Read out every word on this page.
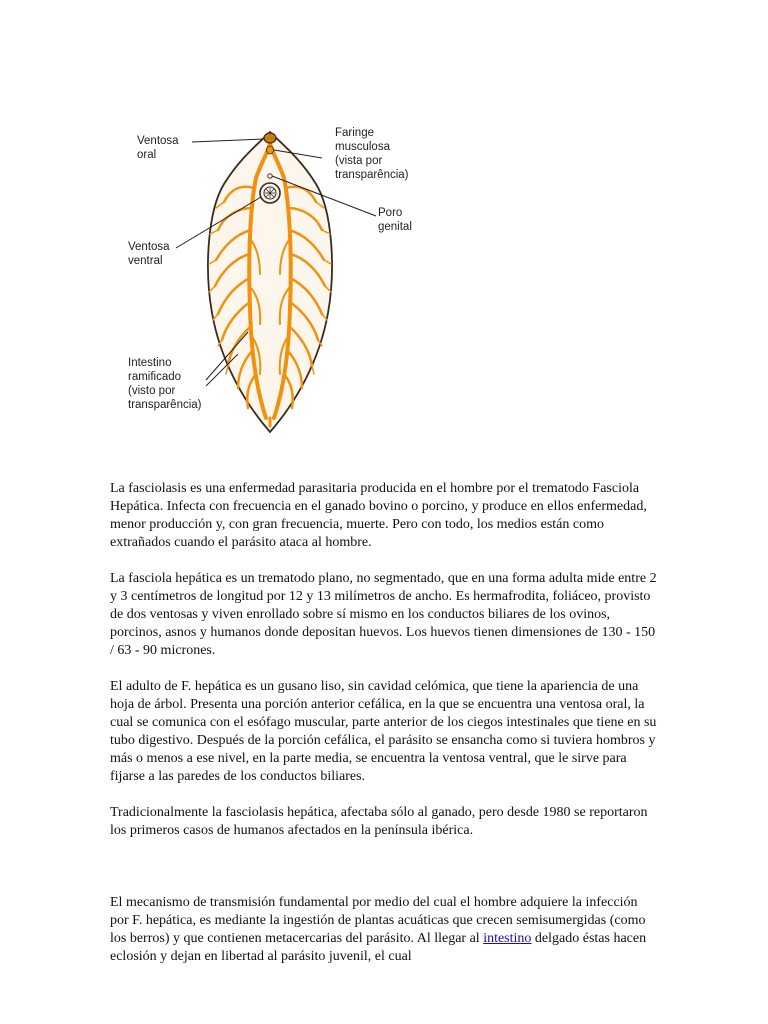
Ventosa
oral
Faringe
musculosa
(vista por
transparência)
Poro
genital
Ventosa
ventral
Intestino
ramificado
(visto por
transparência)

La fasciolasis es una enfermedad parasitaria producida en el hombre por el trematodo Fasciola Hepática. Infecta con frecuencia en el ganado bovino o porcino, y produce en ellos enfermedad, menor producción y, con gran frecuencia, muerte. Pero con todo, los medios están como extrañados cuando el parásito ataca al hombre.

La fasciola hepática es un trematodo plano, no segmentado, que en una forma adulta mide entre 2 y 3 centímetros de longitud por 12 y 13 milímetros de ancho. Es hermafrodita, foliáceo, provisto de dos ventosas y viven enrollado sobre sí mismo en los conductos biliares de los ovinos, porcinos, asnos y humanos donde depositan huevos. Los huevos tienen dimensiones de 130 - 150 / 63 - 90 micrones.

El adulto de F. hepática es un gusano liso, sin cavidad celómica, que tiene la apariencia de una hoja de árbol. Presenta una porción anterior cefálica, en la que se encuentra una ventosa oral, la cual se comunica con el esófago muscular, parte anterior de los ciegos intestinales que tiene en su tubo digestivo. Después de la porción cefálica, el parásito se ensancha como si tuviera hombros y más o menos a ese nivel, en la parte media, se encuentra la ventosa ventral, que le sirve para fijarse a las paredes de los conductos biliares.

Tradicionalmente la fasciolasis hepática, afectaba sólo al ganado, pero desde 1980 se reportaron los primeros casos de humanos afectados en la península ibérica.

El mecanismo de transmisión fundamental por medio del cual el hombre adquiere la infección por F. hepática, es mediante la ingestión de plantas acuáticas que crecen semisumergidas (como los berros) y que contienen metacercarias del parásito. Al llegar al intestino delgado éstas hacen eclosión y dejan en libertad al parásito juvenil, el cual
